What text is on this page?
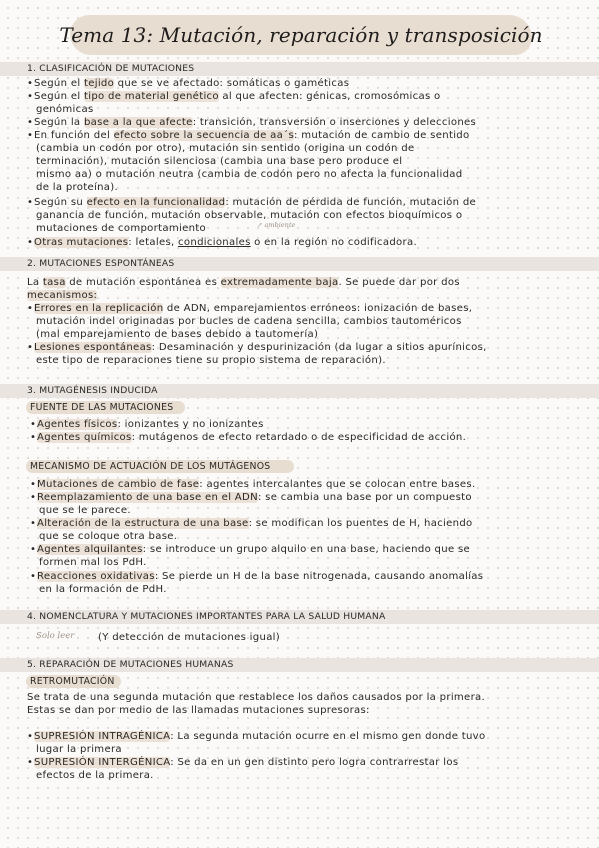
Tema 13: Mutación, reparación y transposición
1. CLASIFICACIÓN DE MUTACIONES
• Según el tejido que se ve afectado: somáticas o gaméticas
• Según el tipo de material genético al que afecten: génicas, cromosómicas o
genómicas
• Según la base a la que afecte: transición, transversión o inserciones y delecciones
• En función del efecto sobre la secuencia de aa´s: mutación de cambio de sentido
(cambia un codón por otro), mutación sin sentido (origina un codón de
terminación), mutación silenciosa (cambia una base pero produce el
mismo aa) o mutación neutra (cambia de codón pero no afecta la funcionalidad
de la proteína).
• Según su efecto en la funcionalidad: mutación de pérdida de función, mutación de
ganancia de función, mutación observable, mutación con efectos bioquímicos o
mutaciones de comportamiento	↗ ambiente
• Otras mutaciones: letales, condicionales o en la región no codificadora.
2. MUTACIONES ESPONTÁNEAS
La tasa de mutación espontánea es extremadamente baja. Se puede dar por dos
mecanismos:
• Errores en la replicación de ADN, emparejamientos erróneos: ionización de bases,
mutación indel originadas por bucles de cadena sencilla, cambios tautoméricos
(mal emparejamiento de bases debido a tautomería)
• Lesiones espontáneas: Desaminación y despurinización (da lugar a sitios apurínicos,
este tipo de reparaciones tiene su propio sistema de reparación).
3. MUTAGÉNESIS INDUCIDA
FUENTE DE LAS MUTACIONES
• Agentes físicos: ionizantes y no ionizantes
• Agentes químicos: mutágenos de efecto retardado o de especificidad de acción.
MECANISMO DE ACTUACIÓN DE LOS MUTÁGENOS
• Mutaciones de cambio de fase: agentes intercalantes que se colocan entre bases.
• Reemplazamiento de una base en el ADN: se cambia una base por un compuesto
que se le parece.
• Alteración de la estructura de una base: se modifican los puentes de H, haciendo
que se coloque otra base.
• Agentes alquilantes: se introduce un grupo alquilo en una base, haciendo que se
formen mal los PdH.
• Reacciones oxidativas: Se pierde un H de la base nitrogenada, causando anomalías
en la formación de PdH.
4. NOMENCLATURA Y MUTACIONES IMPORTANTES PARA LA SALUD HUMANA
Solo leer (Y detección de mutaciones igual)
5. REPARACIÓN DE MUTACIONES HUMANAS
RETROMUTACIÓN
Se trata de una segunda mutación que restablece los daños causados por la primera.
Estas se dan por medio de las llamadas mutaciones supresoras:
• SUPRESIÓN INTRAGÉNICA: La segunda mutación ocurre en el mismo gen donde tuvo
lugar la primera
• SUPRESIÓN INTERGÉNICA: Se da en un gen distinto pero logra contrarrestar los
efectos de la primera.
